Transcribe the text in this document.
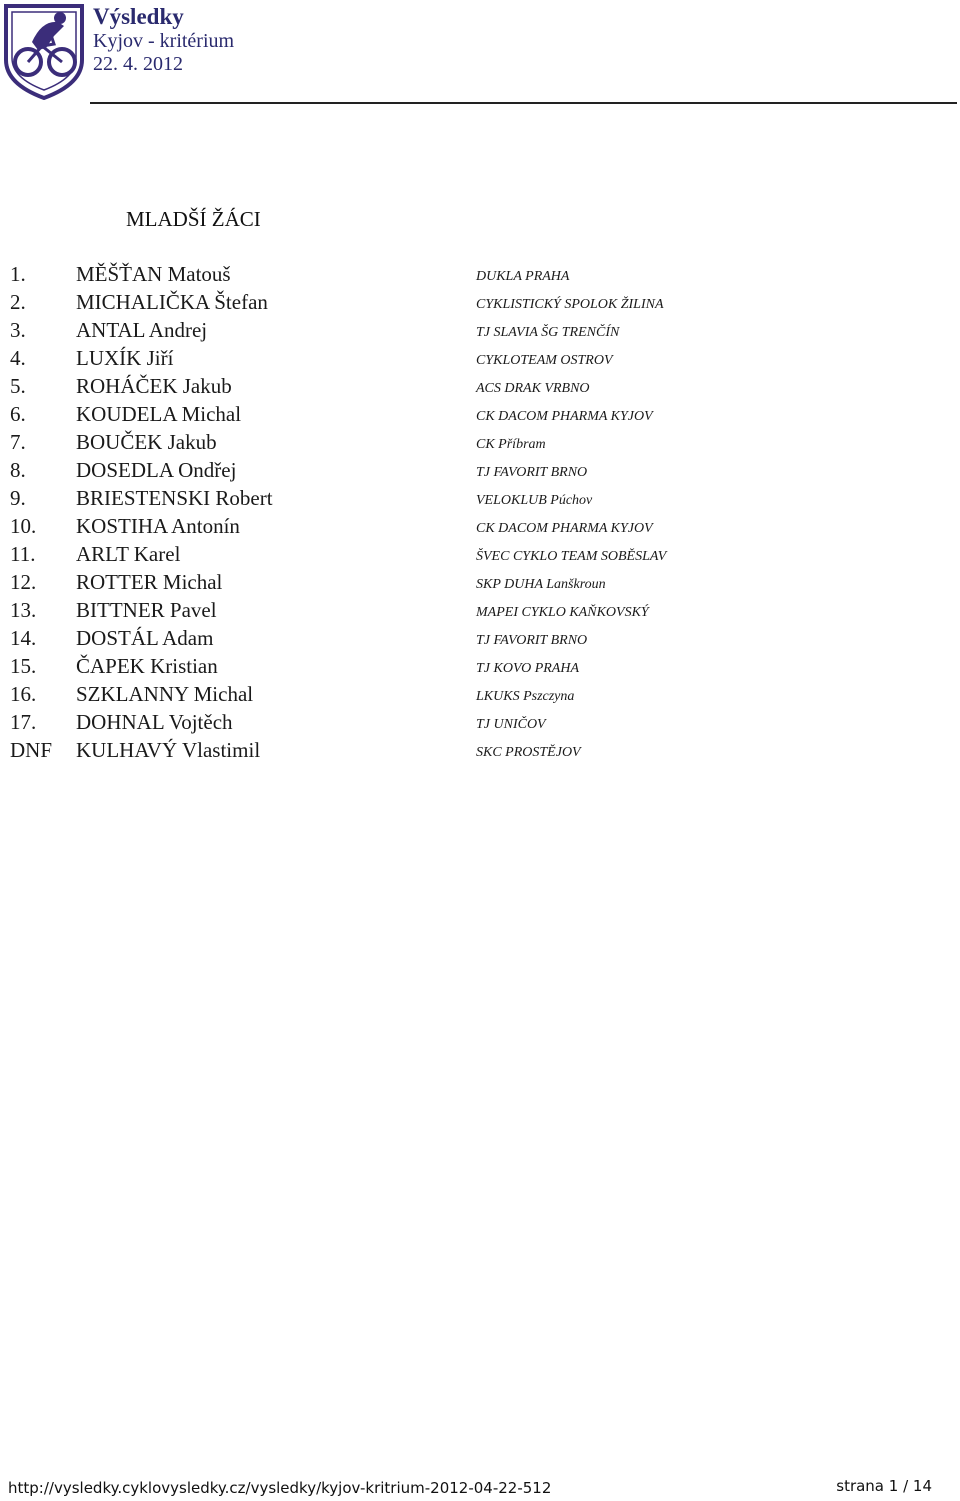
Výsledky
Kyjov - kritérium
22. 4. 2012
MLADŠÍ ŽÁCI
1. MĚŠŤAN Matouš	DUKLA PRAHA
2. MICHALIČKA Štefan	CYKLISTICKÝ SPOLOK ŽILINA
3. ANTAL Andrej	TJ SLAVIA ŠG TRENČÍN
4. LUXÍK Jiří	CYKLOTEAM OSTROV
5. ROHÁČEK Jakub	ACS DRAK VRBNO
6. KOUDELA Michal	CK DACOM PHARMA KYJOV
7. BOUČEK Jakub	CK Příbram
8. DOSEDLA Ondřej	TJ FAVORIT BRNO
9. BRIESTENSKI Robert	VELOKLUB Púchov
10. KOSTIHA Antonín	CK DACOM PHARMA KYJOV
11. ARLT Karel	ŠVEC CYKLO TEAM SOBĚSLAV
12. ROTTER Michal	SKP DUHA Lanškroun
13. BITTNER Pavel	MAPEI CYKLO KAŇKOVSKÝ
14. DOSTÁL Adam	TJ FAVORIT BRNO
15. ČAPEK Kristian	TJ KOVO PRAHA
16. SZKLANNY Michal	LKUKS Pszczyna
17. DOHNAL Vojtěch	TJ UNIČOV
DNF KULHAVÝ Vlastimil	SKC PROSTĚJOV
http://vysledky.cyklovysledky.cz/vysledky/kyjov-kritrium-2012-04-22-512	strana 1 / 14
